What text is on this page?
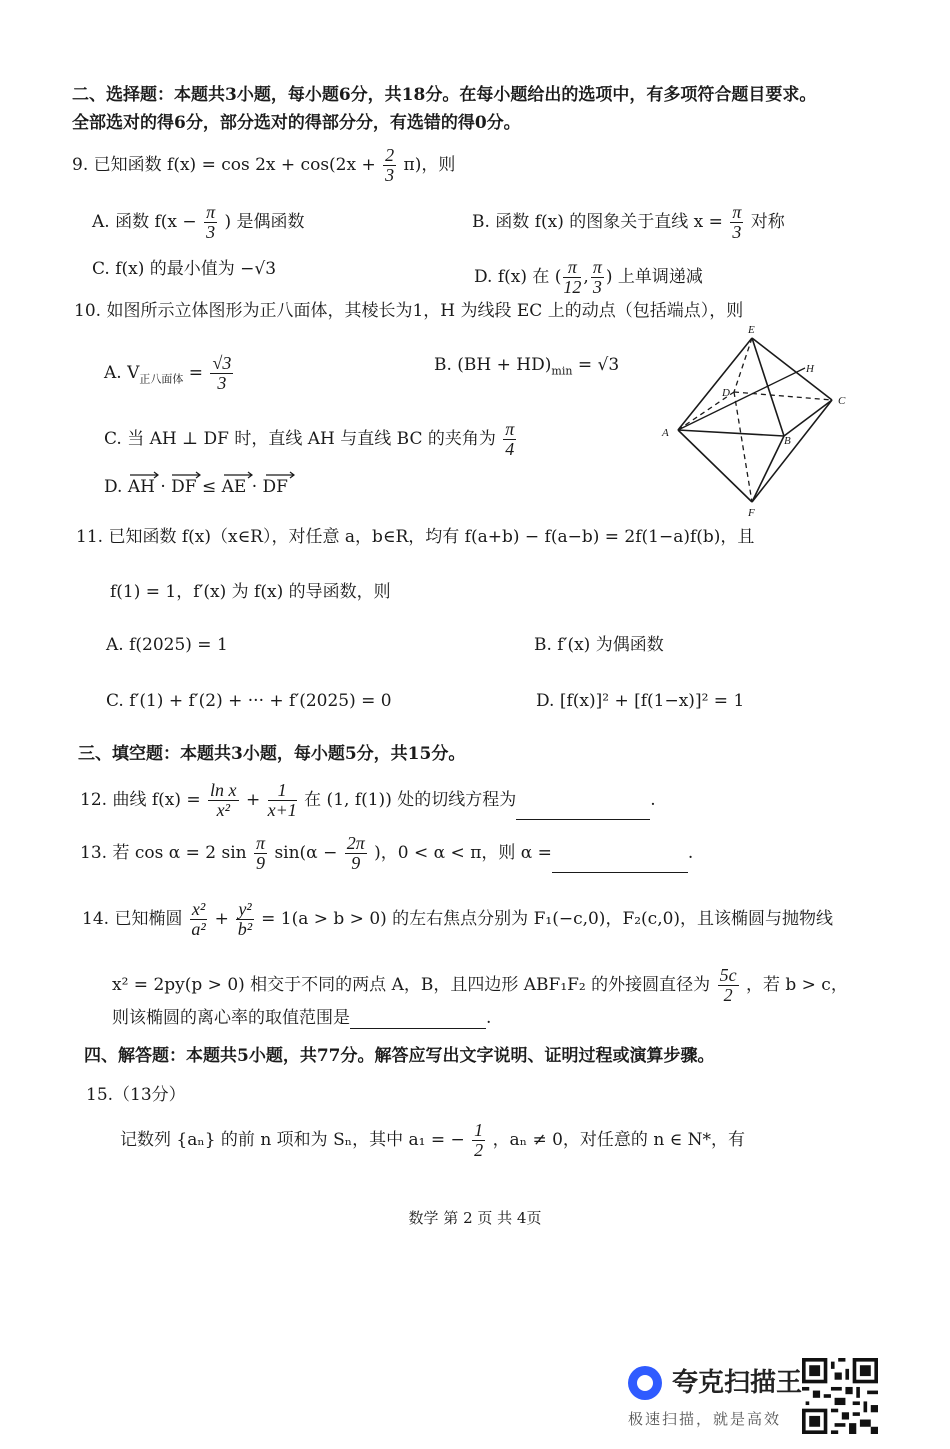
二、选择题：本题共3小题，每小题6分，共18分。在每小题给出的选项中，有多项符合题目要求。
全部选对的得6分，部分选对的得部分分，有选错的得0分。
9. 已知函数 $f(x) = \cos 2x + \cos(2x + \frac{2}{3} \pi)$，则
A. 函数 $f(x - \frac{\pi}{3}$ ) 是偶函数	B. 函数 f(x) 的图象关于直线 $x = \frac{\pi}{3}$ 对称
C. f(x) 的最小值为 −√3	D. f(x) 在 ( $\frac{\pi}{12}$ , $\frac{\pi}{3}$ ) 上单调递减
10. 如图所示立体图形为正八面体，其棱长为1，H 为线段 EC 上的动点（包括端点），则
A. $V_{正八面体} = \frac{√3}{3}$	B. $(BH + HD)_{min} = √3$
C. 当 AH ⊥ DF 时，直线 AH 与直线 BC 的夹角为 $\frac{\pi}{4}$
D. AH · DF ≤ AE · DF
E
H
D
C
A
B
F
11. 已知函数 f(x)（x∈R），对任意 a，b∈R，均有 f(a+b) − f(a−b) = 2f(1−a)f(b)，且
f(1) = 1，f′(x) 为 f(x) 的导函数，则
A. f(2025) = 1	B. f′(x) 为偶函数
C. f′(1) + f′(2) + ··· + f′(2025) = 0	D. [f(x)]² + [f(1−x)]² = 1
三、填空题：本题共3小题，每小题5分，共15分。
12. 曲线 $f(x) = \frac{\text{ln x}}{\text{x²}} + \frac{1}{x+1}$ 在 (1, f(1)) 处的切线方程为	.
13. 若 cos α = 2 $\sin \frac{\pi}{9} \sin(\alpha - \frac{2\pi}{9}$ )，0 < α < π，则 α =	.
14. 已知椭圆 $\frac{\text{x²}}{\text{a²}} + \frac{\text{y²}}{\text{b²}} = 1(a > b > 0)$ 的左右焦点分别为 F₁(−c,0)，F₂(c,0)，且该椭圆与抛物线
x² = 2py(p > 0) 相交于不同的两点 A，B，且四边形 ABF₁F₂ 的外接圆直径为 $\frac{5c}{2}$ ，若 b > c，
则该椭圆的离心率的取值范围是	.
四、解答题：本题共5小题，共77分。解答应写出文字说明、证明过程或演算步骤。
15.（13分）
记数列 {aₙ} 的前 n 项和为 Sₙ，其中 a₁ = − $\frac{1}{2}$ ，aₙ ≠ 0，对任意的 n ∈ N*，有
数学 第 2 页 共 4页
夸克扫描王
极速扫描，就是高效
